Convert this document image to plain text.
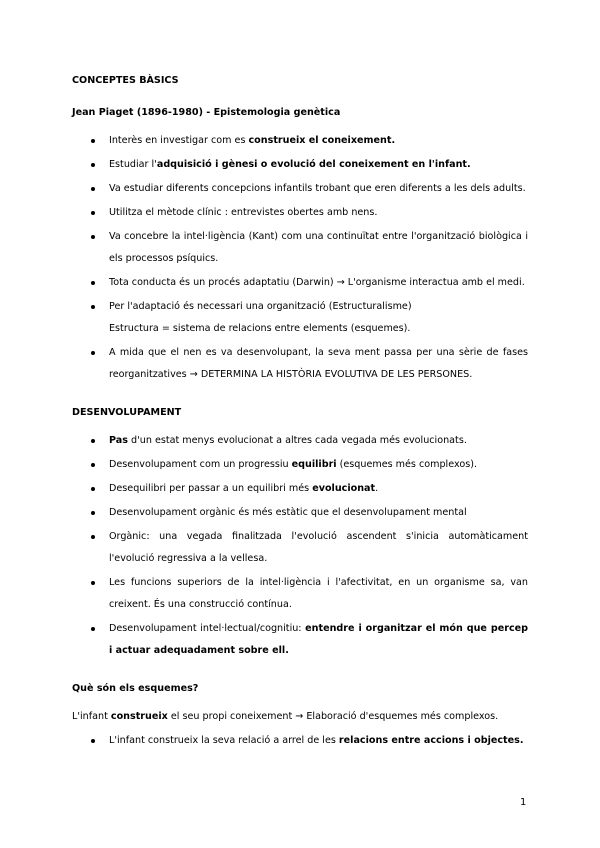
CONCEPTES BÀSICS

Jean Piaget (1896-1980) - Epistemologia genètica

Interès en investigar com es construeix el coneixement.
Estudiar l'adquisició i gènesi o evolució del coneixement en l'infant.
Va estudiar diferents concepcions infantils trobant que eren diferents a les dels adults.
Utilitza el mètode clínic : entrevistes obertes amb nens.
Va concebre la intel·ligència (Kant) com una continuïtat entre l'organització biològica i els processos psíquics.
Tota conducta és un procés adaptatiu (Darwin) → L'organisme interactua amb el medi.
Per l'adaptació és necessari una organització (Estructuralisme)
Estructura = sistema de relacions entre elements (esquemes).
A mida que el nen es va desenvolupant, la seva ment passa per una sèrie de fases reorganitzatives → DETERMINA LA HISTÒRIA EVOLUTIVA DE LES PERSONES.

DESENVOLUPAMENT

Pas d'un estat menys evolucionat a altres cada vegada més evolucionats.
Desenvolupament com un progressiu equilibri (esquemes més complexos).
Desequilibri per passar a un equilibri més evolucionat.
Desenvolupament orgànic és més estàtic que el desenvolupament mental
Orgànic: una vegada finalitzada l'evolució ascendent s'inicia automàticament l'evolució regressiva a la vellesa.
Les funcions superiors de la intel·ligència i l'afectivitat, en un organisme sa, van creixent. És una construcció contínua.
Desenvolupament intel·lectual/cognitiu: entendre i organitzar el món que percep i actuar adequadament sobre ell.

Què són els esquemes?

L'infant construeix el seu propi coneixement → Elaboració d'esquemes més complexos.

L'infant construeix la seva relació a arrel de les relacions entre accions i objectes.
1
